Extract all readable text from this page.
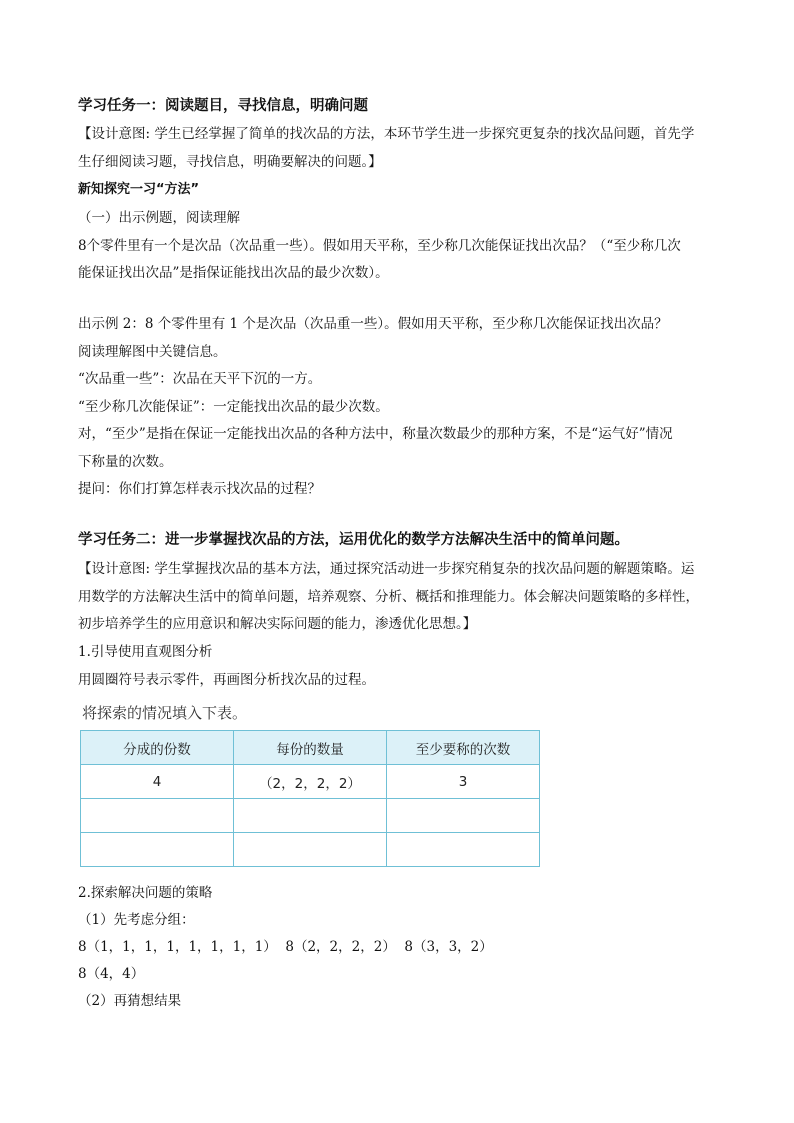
学习任务一：阅读题目，寻找信息，明确问题
【设计意图: 学生已经掌握了简单的找次品的方法，本环节学生进一步探究更复杂的找次品问题，首先学
生仔细阅读习题，寻找信息，明确要解决的问题。】
新知探究一习“方法”
（一）出示例题，阅读理解
8个零件里有一个是次品（次品重一些）。假如用天平称，至少称几次能保证找出次品？（“至少称几次
能保证找出次品”是指保证能找出次品的最少次数）。
出示例 2：8 个零件里有 1 个是次品（次品重一些）。假如用天平称，至少称几次能保证找出次品？
阅读理解图中关键信息。
“次品重一些”：次品在天平下沉的一方。
“至少称几次能保证”：一定能找出次品的最少次数。
对，“至少”是指在保证一定能找出次品的各种方法中，称量次数最少的那种方案，不是“运气好”情况
下称量的次数。
提问：你们打算怎样表示找次品的过程？
学习任务二：进一步掌握找次品的方法，运用优化的数学方法解决生活中的简单问题。
【设计意图: 学生掌握找次品的基本方法，通过探究活动进一步探究稍复杂的找次品问题的解题策略。运
用数学的方法解决生活中的简单问题，培养观察、分析、概括和推理能力。体会解决问题策略的多样性，
初步培养学生的应用意识和解决实际问题的能力，渗透优化思想。】
1.引导使用直观图分析
用圆圈符号表示零件，再画图分析找次品的过程。
将探索的情况填入下表。
分成的份数	每份的数量	至少要称的次数
4	（2，2，2，2）	3

2.探索解决问题的策略
（1）先考虑分组：
8（1，1，1，1，1，1，1，1）  8（2，2，2，2）  8（3，3，2）
8（4，4）
（2）再猜想结果
